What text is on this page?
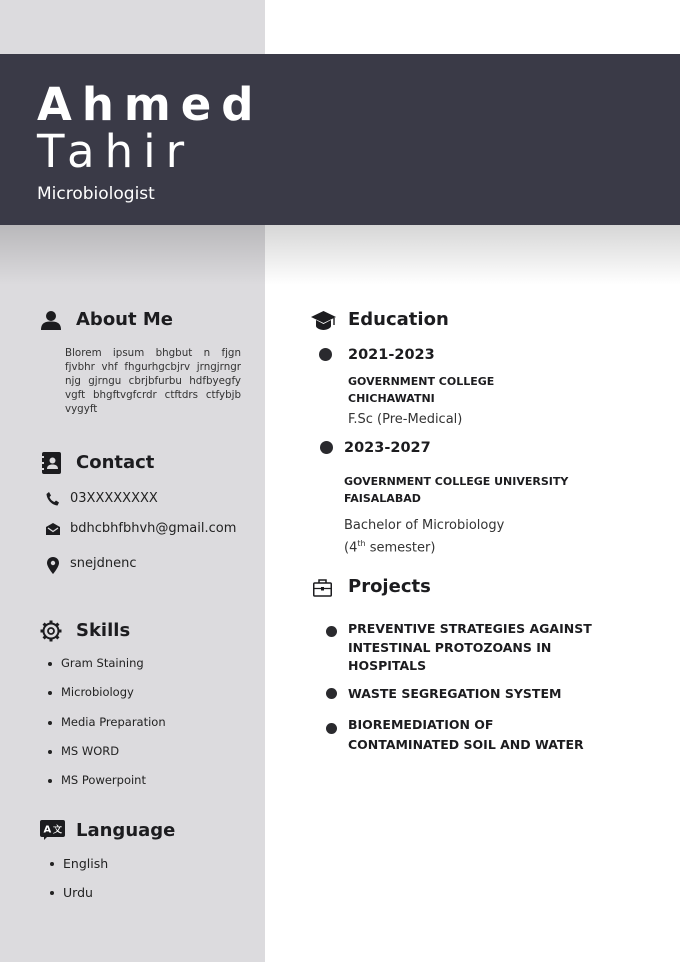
Ahmed
Tahir
Microbiologist
About Me
Blorem ipsum bhgbut n fjgn fjvbhr vhf fhgurhgcbjrv jrngjrngr njg gjrngu cbrjbfurbu hdfbyegfy vgft bhgftvgfcrdr ctftdrs ctfybjb vygyft
Contact
03XXXXXXXX
bdhcbhfbhvh@gmail.com
snejdnenc
Skills
Gram Staining
Microbiology
Media Preparation
MS WORD
MS Powerpoint
A 文 Language
English
Urdu
Education
2021-2023
GOVERNMENT COLLEGE
CHICHAWATNI
F.Sc (Pre-Medical)
2023-2027
GOVERNMENT COLLEGE UNIVERSITY
FAISALABAD
Bachelor of Microbiology
(4th semester)
Projects
PREVENTIVE STRATEGIES AGAINST INTESTINAL PROTOZOANS IN HOSPITALS
WASTE SEGREGATION SYSTEM
BIOREMEDIATION OF CONTAMINATED SOIL AND WATER
